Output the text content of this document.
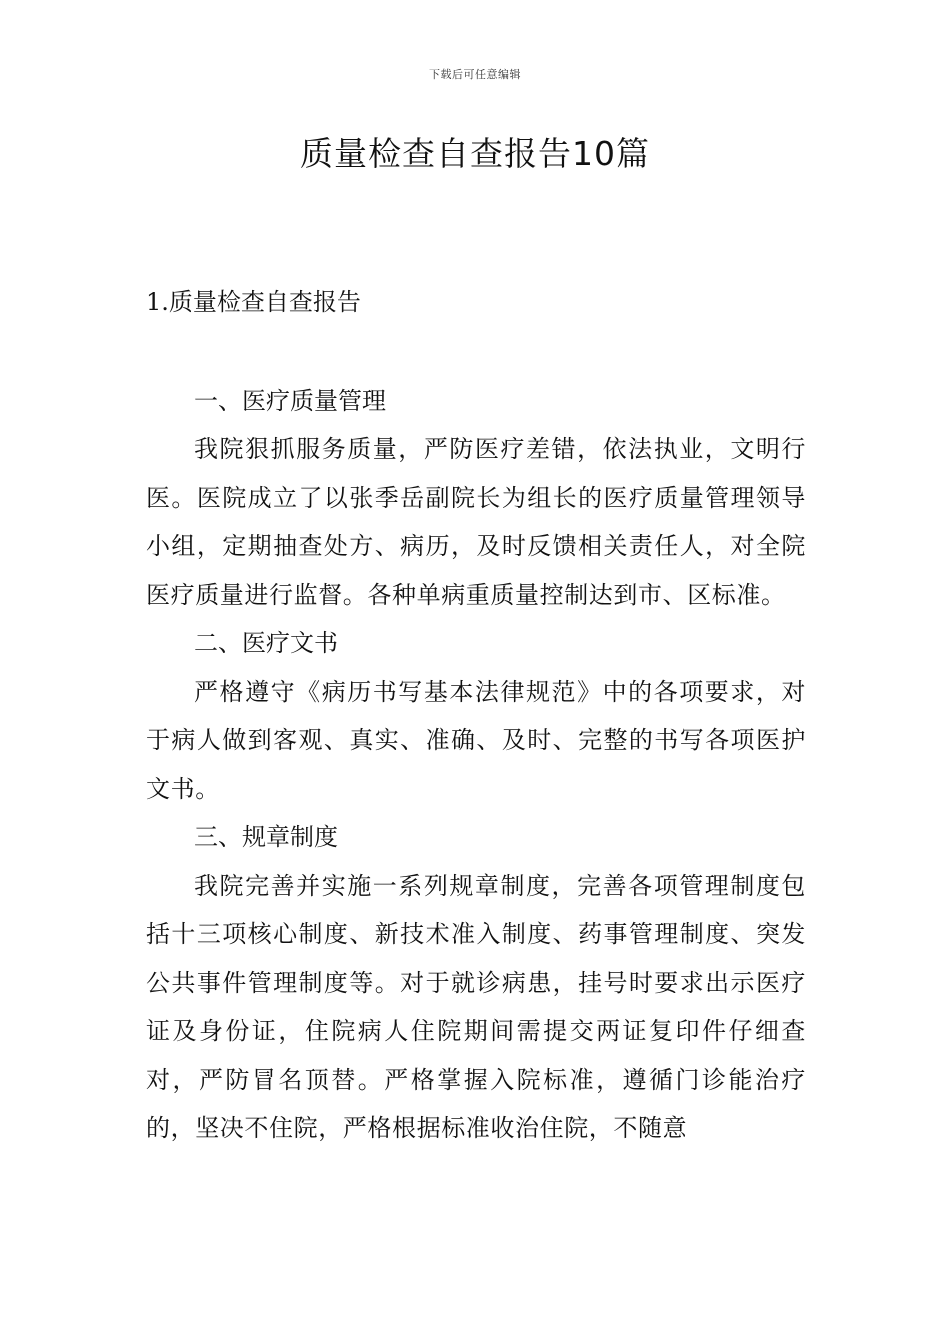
下载后可任意编辑
质量检查自查报告10篇

1.质量检查自查报告

一、医疗质量管理

我院狠抓服务质量，严防医疗差错，依法执业，文明行医。医院成立了以张季岳副院长为组长的医疗质量管理领导小组，定期抽查处方、病历，及时反馈相关责任人，对全院医疗质量进行监督。各种单病重质量控制达到市、区标准。

二、医疗文书

严格遵守《病历书写基本法律规范》中的各项要求，对于病人做到客观、真实、准确、及时、完整的书写各项医护文书。

三、规章制度

我院完善并实施一系列规章制度，完善各项管理制度包括十三项核心制度、新技术准入制度、药事管理制度、突发公共事件管理制度等。对于就诊病患，挂号时要求出示医疗证及身份证，住院病人住院期间需提交两证复印件仔细查对，严防冒名顶替。严格掌握入院标准，遵循门诊能治疗的，坚决不住院，严格根据标准收治住院，不随意
